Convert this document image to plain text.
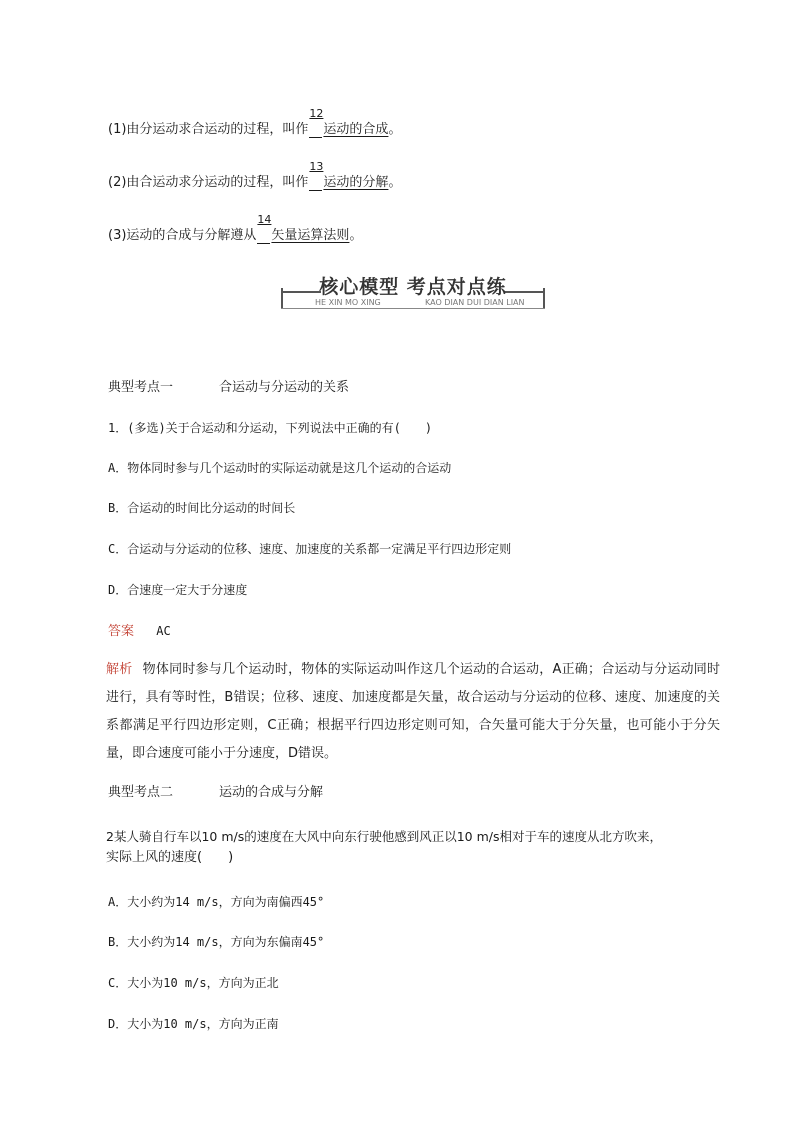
(1)由分运动求合运动的过程，叫作
12
运动的合成。
(2)由合运动求分运动的过程，叫作
13
运动的分解。
(3)运动的合成与分解遵从
14
矢量运算法则。
核心模型 考点对点练
HE XIN MO XING	KAO DIAN DUI DIAN LIAN
典型考点一	合运动与分运动的关系
1．(多选)关于合运动和分运动，下列说法中正确的有(　　)
A．物体同时参与几个运动时的实际运动就是这几个运动的合运动
B．合运动的时间比分运动的时间长
C．合运动与分运动的位移、速度、加速度的关系都一定满足平行四边形定则
D．合速度一定大于分速度
答案 AC
解析 物体同时参与几个运动时，物体的实际运动叫作这几个运动的合运动，A正确；合运动与分运动同时进行，具有等时性，B错误；位移、速度、加速度都是矢量，故合运动与分运动的位移、速度、加速度的关系都满足平行四边形定则，C正确；根据平行四边形定则可知，合矢量可能大于分矢量，也可能小于分矢量，即合速度可能小于分速度，D错误。
典型考点二	运动的合成与分解
2某人骑自行车以10 m/s的速度在大风中向东行驶他感到风正以10 m/s相对于车的速度从北方吹来，
实际上风的速度(　　)
A．大小约为14 m/s，方向为南偏西45°
B．大小约为14 m/s，方向为东偏南45°
C．大小为10 m/s，方向为正北
D．大小为10 m/s，方向为正南
